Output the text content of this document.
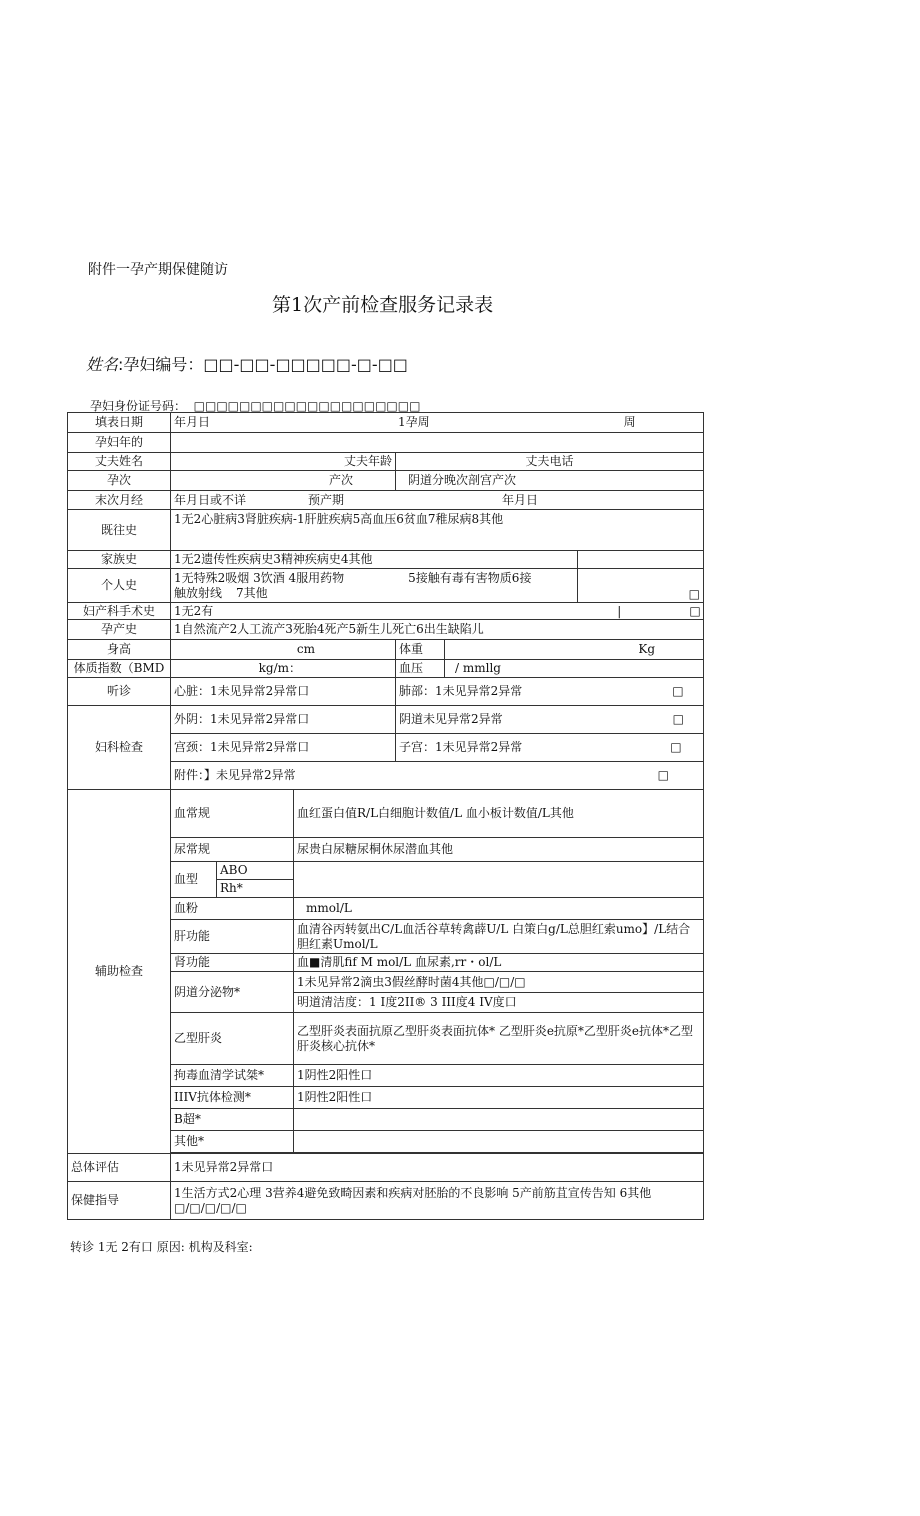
附件一孕产期保健随访
第1次产前检查服务记录表
姓名:孕妇编号：□□-□□-□□□□□-□-□□
孕妇身份证号码： □□□□□□□□□□□□□□□□□□□□
填表日期	年月日 1孕周 周					
孕妇年的						
丈夫姓名	丈夫年龄			丈夫电话		
孕次	产次			阴道分晚次剖宫产次		
末次月经	年月日或不详 预产期 年月日					
既往史	1无2心脏病3肾脏疾病-1肝脏疾病5高血压6贫血7稚尿病8其他					
家族史	1无2遗传性疾病史3精神疾病史4其他					
个人史	1无特殊2吸烟 3饮酒 4服用药物 5接触有毒有害物质6接
触放射线 7其他					□
妇产科手术史	1无2有 | □					
孕产史	1自然流产2人工流产3死胎4死产5新生儿死亡6出生缺陷儿					
身高	cm			体重	Kg	
体质指数（BMD	kg/m：			血压	/ mmllg	
听诊	心脏：1未见异常2异常口			肺部：1未见异常2异常 □		
妇科检查	外阴：1未见异常2异常口			阴道未见异常2异常 □		
	宫颈：1未见异常2异常口			子宫：1未见异常2异常 □		
	附件：】未见异常2异常 □					
辅助检查	血常规		血红蛋白值R/L白细胞计数值/L 血小板计数值/L其他			
	尿常规		尿贵白尿糖尿桐休尿潜血其他			
	血型	ABO				
		Rh*				
	血粉		mmol/L			
	肝功能		血清谷丙转氨出C/L血活谷草转禽薜U/L 白策白g/L总胆红索umo】/L结合胆红素Umol/L			
	肾功能		血■清肌fif M mol/L 血尿素,rr・ol/L			
	阴道分泌物*		1未见异常2滴虫3假丝酵时菌4其他□/□/□			
			明道清洁度：1 I度2II® 3 III度4 IV度口			
	乙型肝炎		乙型肝炎表面抗原乙型肝炎表面抗体* 乙型肝炎e抗原*乙型肝炎e抗体*乙型肝炎核心抗休*			
	拘毒血清学试桀*		1阴性2阳性口			
	IIIV抗体检测*		1阴性2阳性口			
	B超*					
	其他*					

总体评估	1未见异常2异常口					
保健指导	1生活方式2心理 3营养4避免致畸因素和疾病对胚胎的不良影响 5产前筋苴宣传告知 6其他
□/□/□/□/□					
转诊 1无 2有口 原因: 机构及科室:
